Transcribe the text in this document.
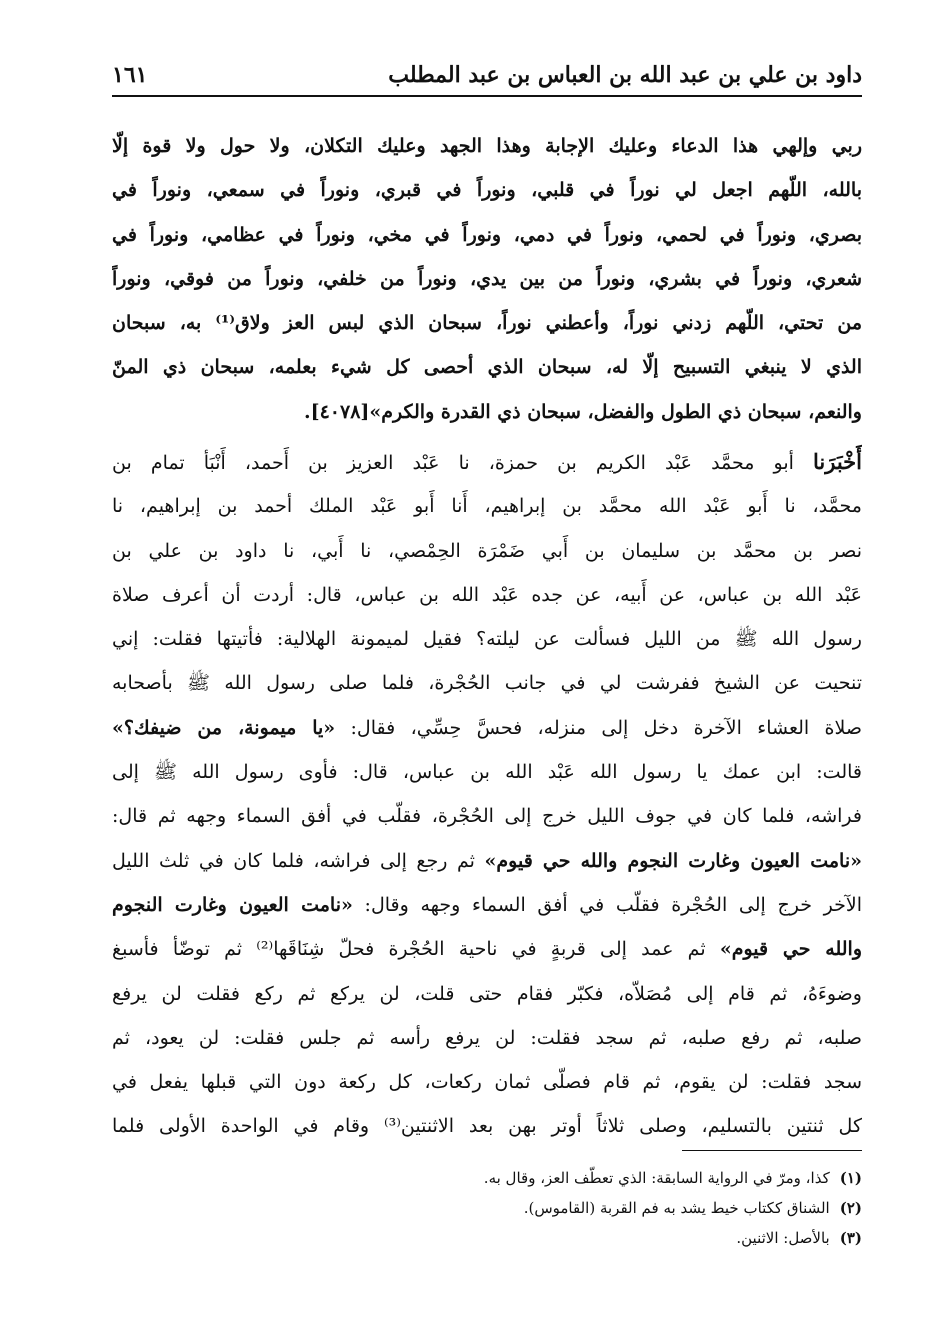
داود بن علي بن عبد الله بن العباس بن عبد المطلب
١٦١
ربي وإلهي هذا الدعاء وعليك الإجابة وهذا الجهد وعليك التكلان، ولا حول ولا قوة إلّا
بالله، اللّهم اجعل لي نوراً في قلبي، ونوراً في قبري، ونوراً في سمعي، ونوراً في
بصري، ونوراً في لحمي، ونوراً في دمي، ونوراً في مخي، ونوراً في عظامي، ونوراً في
شعري، ونوراً في بشري، ونوراً من بين يدي، ونوراً من خلفي، ونوراً من فوقي، ونوراً
من تحتي، اللّهم زدني نوراً، وأعطني نوراً، سبحان الذي لبس العز ولاق⁽¹⁾ به، سبحان
الذي لا ينبغي التسبيح إلّا له، سبحان الذي أحصى كل شيء بعلمه، سبحان ذي المنّ
والنعم، سبحان ذي الطول والفضل، سبحان ذي القدرة والكرم»[٤٠٧٨].
أَخْبَرَنا أبو محمَّد عَبْد الكريم بن حمزة، نا عَبْد العزيز بن أَحمد، أَنْبَأ تمام بن
محمَّد، نا أَبو عَبْد الله محمَّد بن إبراهيم، أَنا أَبو عَبْد الملك أحمد بن إبراهيم، نا
نصر بن محمَّد بن سليمان بن أَبي ضَمْرَة الحِمْصي، نا أَبي، نا داود بن علي بن
عَبْد الله بن عباس، عن أَبيه، عن جده عَبْد الله بن عباس، قال: أردت أن أعرف صلاة
رسول الله ﷺ من الليل فسألت عن ليلته؟ فقيل لميمونة الهلالية: فأتيتها فقلت: إني
تنحيت عن الشيخ ففرشت لي في جانب الحُجْرة، فلما صلى رسول الله ﷺ بأصحابه
صلاة العشاء الآخرة دخل إلى منزله، فحسَّ حِسِّي، فقال: «يا ميمونة، من ضيفك؟»
قالت: ابن عمك يا رسول الله عَبْد الله بن عباس، قال: فأوى رسول الله ﷺ إلى
فراشه، فلما كان في جوف الليل خرج إلى الحُجْرة، فقلّب في أفق السماء وجهه ثم قال:
«نامت العيون وغارت النجوم والله حي قيوم» ثم رجع إلى فراشه، فلما كان في ثلث الليل
الآخر خرج إلى الحُجْرة فقلّب في أفق السماء وجهه وقال: «نامت العيون وغارت النجوم
والله حي قيوم» ثم عمد إلى قربةٍ في ناحية الحُجْرة فحلّ شِنَاقَها⁽²⁾ ثم توضّأ فأسبغ
وضوءَهُ، ثم قام إلى مُصَلاّه، فكبّر فقام حتى قلت، لن يركع ثم ركع فقلت لن يرفع
صلبه، ثم رفع صلبه، ثم سجد فقلت: لن يرفع رأسه ثم جلس فقلت: لن يعود، ثم
سجد فقلت: لن يقوم، ثم قام فصلّى ثمان ركعات، كل ركعة دون التي قبلها يفعل في
كل ثنتين بالتسليم، وصلى ثلاثاً أوتر بهن بعد الاثنتين⁽³⁾ وقام في الواحدة الأولى فلما
(١)كذا، ومرّ في الرواية السابقة: الذي تعطّف العز، وقال به.
(٢)الشناق ككتاب خيط يشد به فم القربة (القاموس).
(٣)بالأصل: الاثنين.
